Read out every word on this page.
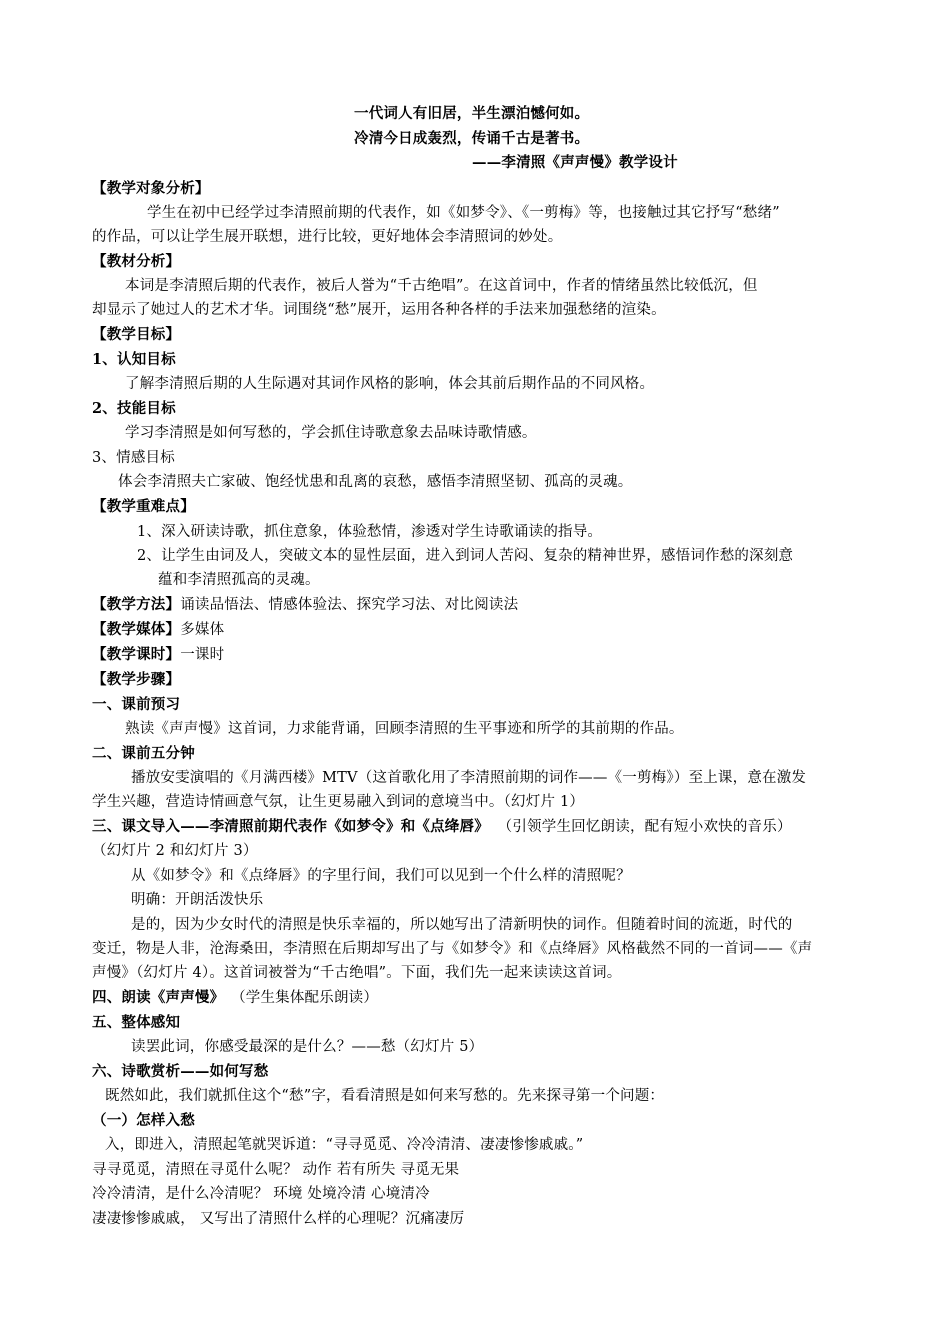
一代词人有旧居，半生漂泊憾何如。
冷清今日成轰烈，传诵千古是著书。
——李清照《声声慢》教学设计
【教学对象分析】
学生在初中已经学过李清照前期的代表作，如《如梦令》、《一剪梅》等，也接触过其它抒写“愁绪”
的作品，可以让学生展开联想，进行比较，更好地体会李清照词的妙处。
【教材分析】
本词是李清照后期的代表作，被后人誉为“千古绝唱”。在这首词中，作者的情绪虽然比较低沉，但
却显示了她过人的艺术才华。词围绕“愁”展开，运用各种各样的手法来加强愁绪的渲染。
【教学目标】
1、认知目标
了解李清照后期的人生际遇对其词作风格的影响，体会其前后期作品的不同风格。
2、技能目标
学习李清照是如何写愁的，学会抓住诗歌意象去品味诗歌情感。
3、情感目标
体会李清照夫亡家破、饱经忧患和乱离的哀愁，感悟李清照坚韧、孤高的灵魂。
【教学重难点】
1、深入研读诗歌，抓住意象，体验愁情，渗透对学生诗歌诵读的指导。
2、让学生由词及人，突破文本的显性层面，进入到词人苦闷、复杂的精神世界，感悟词作愁的深刻意
蕴和李清照孤高的灵魂。
【教学方法】诵读品悟法、情感体验法、探究学习法、对比阅读法
【教学媒体】多媒体
【教学课时】一课时
【教学步骤】
一、课前预习
熟读《声声慢》这首词，力求能背诵，回顾李清照的生平事迹和所学的其前期的作品。
二、课前五分钟
播放安雯演唱的《月满西楼》MTV（这首歌化用了李清照前期的词作——《一剪梅》）至上课，意在激发
学生兴趣，营造诗情画意气氛，让生更易融入到词的意境当中。（幻灯片 1）
三、课文导入——李清照前期代表作《如梦令》和《点绛唇》 （引领学生回忆朗读，配有短小欢快的音乐）
（幻灯片 2 和幻灯片 3）
从《如梦令》和《点绛唇》的字里行间，我们可以见到一个什么样的清照呢？
明确：开朗活泼快乐
是的，因为少女时代的清照是快乐幸福的，所以她写出了清新明快的词作。但随着时间的流逝，时代的
变迁，物是人非，沧海桑田，李清照在后期却写出了与《如梦令》和《点绛唇》风格截然不同的一首词——《声
声慢》（幻灯片 4）。这首词被誉为“千古绝唱”。下面，我们先一起来读读这首词。
四、朗读《声声慢》 （学生集体配乐朗读）
五、整体感知
读罢此词，你感受最深的是什么？——愁（幻灯片 5）
六、诗歌赏析——如何写愁
既然如此，我们就抓住这个“愁”字，看看清照是如何来写愁的。先来探寻第一个问题：
（一）怎样入愁
入，即进入，清照起笔就哭诉道：“寻寻觅觅、冷冷清清、凄凄惨惨戚戚。”
寻寻觅觅，清照在寻觅什么呢？ 动作 若有所失 寻觅无果
冷冷清清，是什么冷清呢？ 环境 处境冷清 心境清冷
凄凄惨惨戚戚， 又写出了清照什么样的心理呢？沉痛凄厉
